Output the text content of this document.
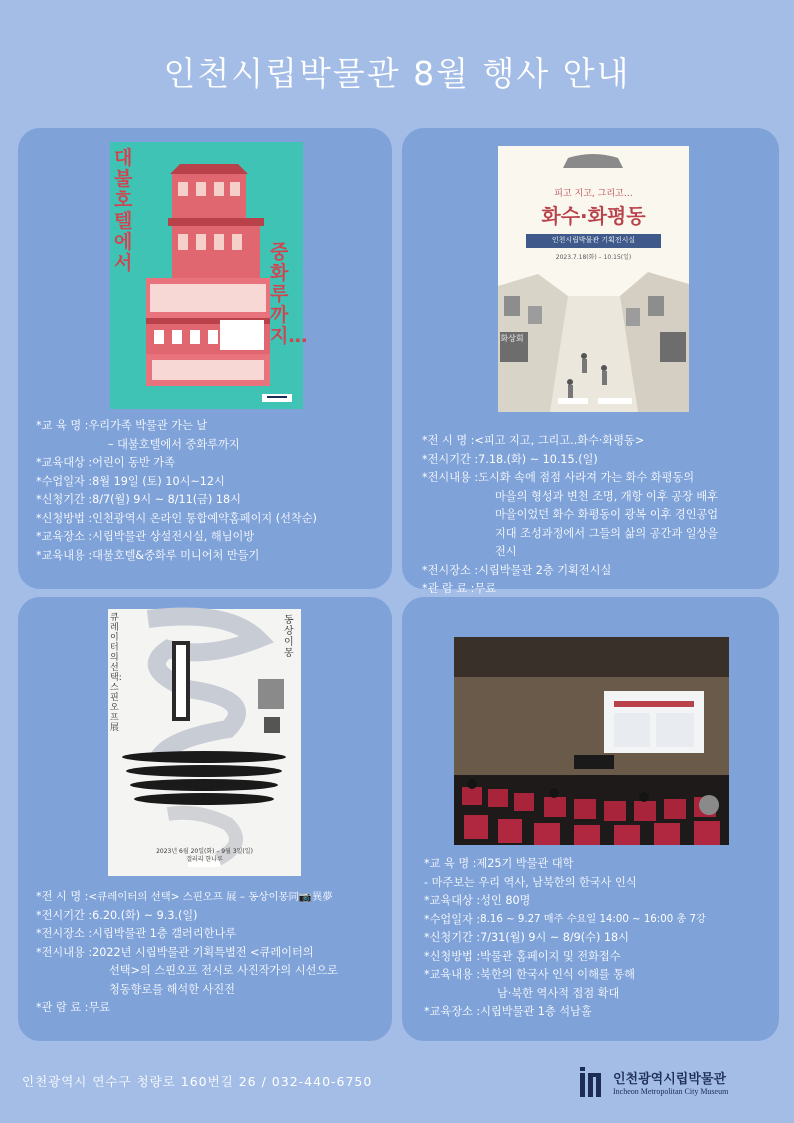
인천시립박물관 8월 행사 안내
대불호텔에서	중화루까지…
*교 육 명 : 우리가족 박물관 가는 날
– 대불호텔에서 중화루까지
*교육대상 : 어린이 동반 가족
*수업일자 : 8월 19일 (토) 10시~12시
*신청기간 : 8/7(월) 9시 ~ 8/11(금) 18시
*신청방법 : 인천광역시 온라인 통합예약홈페이지 (선착순)
*교육장소 : 시립박물관 상설전시실, 해님이방
*교육내용 : 대불호텔&중화루 미니어처 만들기
피고 지고, 그리고…
화수·화평동
인천시립박물관 기획전시실
2023.7.18(화) – 10.15(일)
화상회
*전 시 명 : <피고 지고, 그리고..화수·화평동>
*전시기간 : 7.18.(화) ~ 10.15.(일)
*전시내용 : 도시화 속에 점점 사라져 가는 화수 화평동의
마을의 형성과 변천 조명, 개항 이후 공장 배후
마을이었던 화수 화평동이 광복 이후 경인공업
지대 조성과정에서 그들의 삶의 공간과 일상을
전시
*전시장소 : 시립박물관 2층 기획전시실
*관 람 료 : 무료
큐레이터의 선택: 스핀오프 展
동상이몽
2023년 6월 20일(화) – 9월 3일(일)
갤러리 한나루
*전 시 명 : <큐레이터의 선택> 스핀오프 展 – 동상이몽同📷異夢
*전시기간 : 6.20.(화) ~ 9.3.(일)
*전시장소 : 시립박물관 1층 갤러리한나루
*전시내용 : 2022년 시립박물관 기획특별전 <큐레이터의
선택>의 스핀오프 전시로 사진작가의 시선으로
청동향로를 해석한 사진전
*관 람 료 : 무료
*교 육 명 : 제25기 박물관 대학
- 마주보는 우리 역사, 남북한의 한국사 인식
*교육대상 : 성인 80명
*수업일자 : 8.16 ~ 9.27 매주 수요일 14:00 ~ 16:00 총 7강
*신청기간 : 7/31(월) 9시 ~ 8/9(수) 18시
*신청방법 : 박물관 홈페이지 및 전화접수
*교육내용 : 북한의 한국사 인식 이해를 통해
남·북한 역사적 접점 확대
*교육장소 : 시립박물관 1층 석남홀
인천광역시 연수구 청량로 160번길 26 / 032-440-6750	인천광역시립박물관
Incheon Metropolitan City Museum
